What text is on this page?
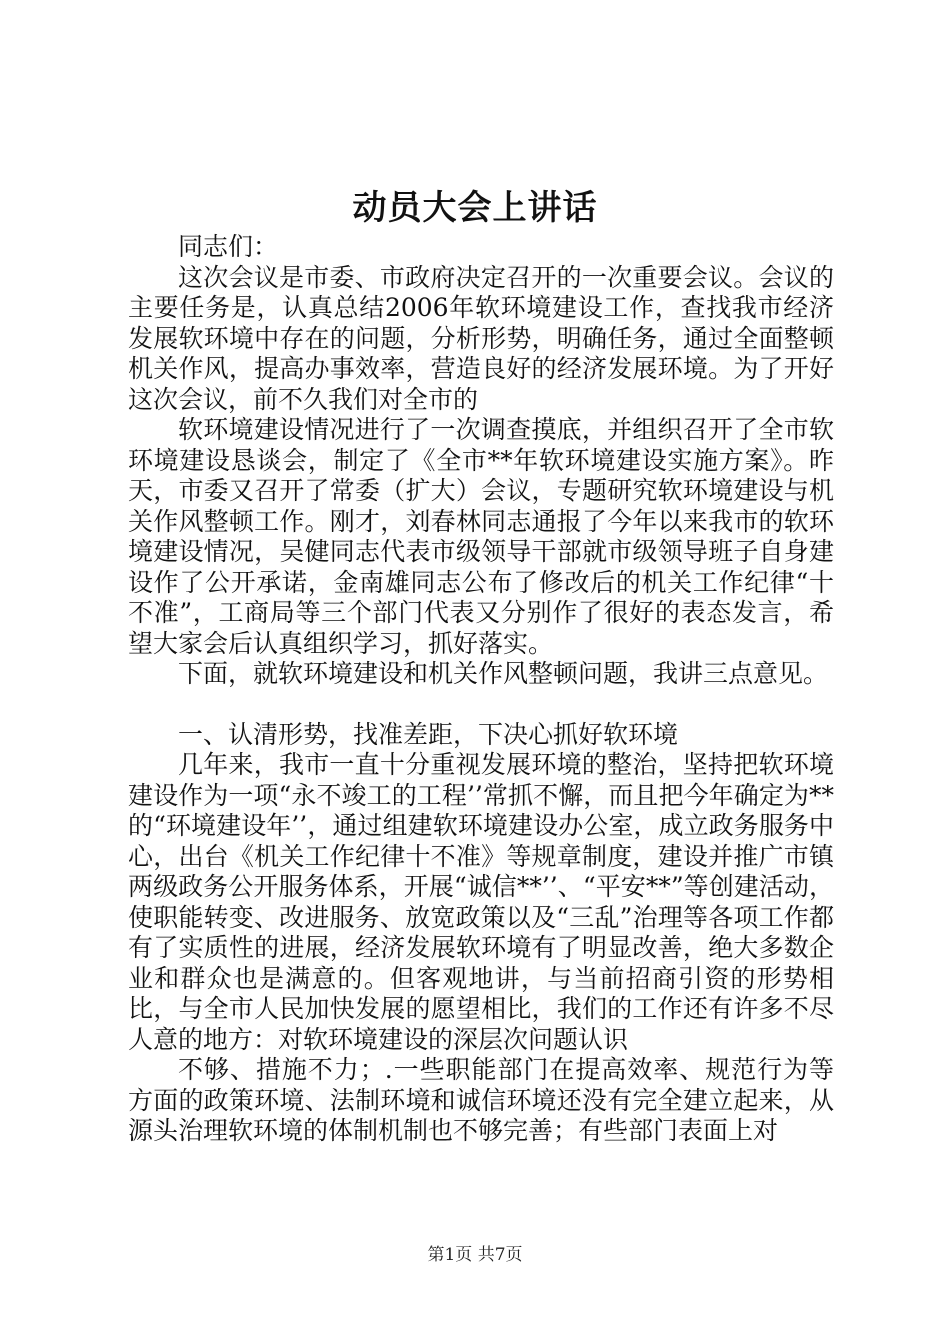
动员大会上讲话

同志们：

这次会议是市委、市政府决定召开的一次重要会议。会议的主要任务是，认真总结2006年软环境建设工作，查找我市经济发展软环境中存在的问题，分析形势，明确任务，通过全面整顿机关作风，提高办事效率，营造良好的经济发展环境。为了开好这次会议，前不久我们对全市的

软环境建设情况进行了一次调查摸底，并组织召开了全市软环境建设恳谈会，制定了《全市**年软环境建设实施方案》。昨天，市委又召开了常委（扩大）会议，专题研究软环境建设与机关作风整顿工作。刚才，刘春林同志通报了今年以来我市的软环境建设情况，吴健同志代表市级领导干部就市级领导班子自身建设作了公开承诺，金南雄同志公布了修改后的机关工作纪律“十不准”，工商局等三个部门代表又分别作了很好的表态发言，希望大家会后认真组织学习，抓好落实。

下面，就软环境建设和机关作风整顿问题，我讲三点意见。

一、认清形势，找准差距，下决心抓好软环境

几年来，我市一直十分重视发展环境的整治，坚持把软环境建设作为一项“永不竣工的工程’’常抓不懈，而且把今年确定为**的“环境建设年’’，通过组建软环境建设办公室，成立政务服务中心，出台《机关工作纪律十不准》等规章制度，建设并推广市镇两级政务公开服务体系，开展“诚信**’’、“平安**”等创建活动，使职能转变、改进服务、放宽政策以及“三乱”治理等各项工作都有了实质性的进展，经济发展软环境有了明显改善，绝大多数企业和群众也是满意的。但客观地讲，与当前招商引资的形势相比，与全市人民加快发展的愿望相比，我们的工作还有许多不尽人意的地方：对软环境建设的深层次问题认识

不够、措施不力；.一些职能部门在提高效率、规范行为等方面的政策环境、法制环境和诚信环境还没有完全建立起来，从源头治理软环境的体制机制也不够完善；有些部门表面上对

第1页 共7页
